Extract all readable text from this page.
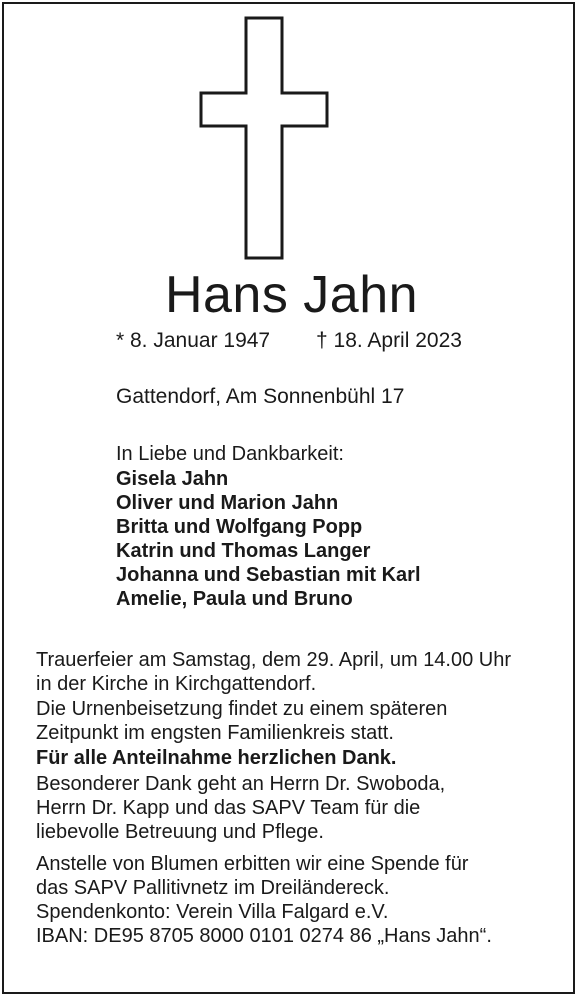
Hans Jahn
* 8. Januar 1947 † 18. April 2023
Gattendorf, Am Sonnenbühl 17
In Liebe und Dankbarkeit:
Gisela Jahn
Oliver und Marion Jahn
Britta und Wolfgang Popp
Katrin und Thomas Langer
Johanna und Sebastian mit Karl
Amelie, Paula und Bruno
Trauerfeier am Samstag, dem 29. April, um 14.00 Uhr
in der Kirche in Kirchgattendorf.
Die Urnenbeisetzung findet zu einem späteren
Zeitpunkt im engsten Familienkreis statt.
Für alle Anteilnahme herzlichen Dank.
Besonderer Dank geht an Herrn Dr. Swoboda,
Herrn Dr. Kapp und das SAPV Team für die
liebevolle Betreuung und Pflege.
Anstelle von Blumen erbitten wir eine Spende für
das SAPV Pallitivnetz im Dreiländereck.
Spendenkonto: Verein Villa Falgard e.V.
IBAN: DE95 8705 8000 0101 0274 86 „Hans Jahn“.
